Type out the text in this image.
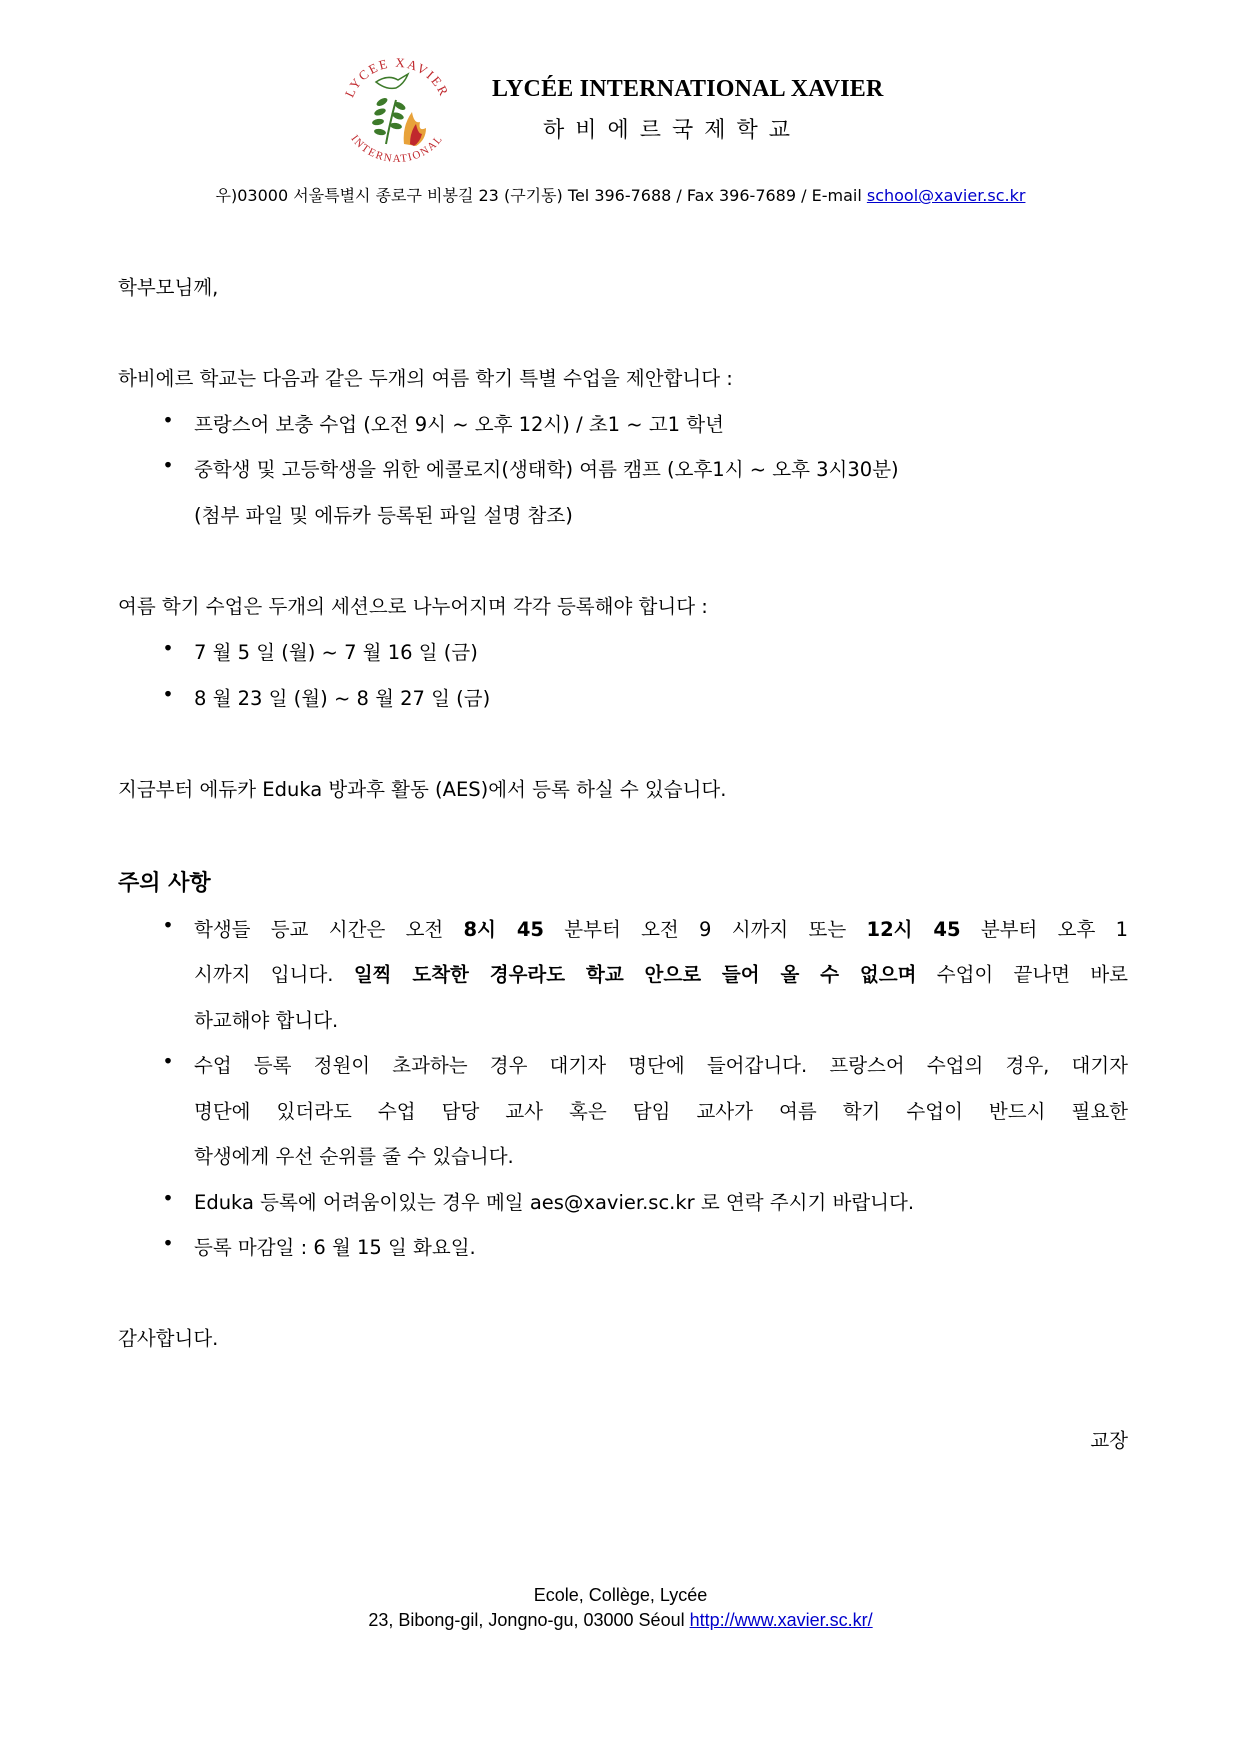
LYCEE XAVIER
INTERNATIONAL
LYCÉE INTERNATIONAL XAVIER
하비에르국제학교
우)03000 서울특별시 종로구 비봉길 23 (구기동) Tel 396-7688 / Fax 396-7689 / E-mail school@xavier.sc.kr
학부모님께,
하비에르 학교는 다음과 같은 두개의 여름 학기 특별 수업을 제안합니다 :
• 프랑스어 보충 수업 (오전 9시 ~ 오후 12시) / 초1 ~ 고1 학년
• 중학생 및 고등학생을 위한 에콜로지(생태학) 여름 캠프 (오후1시 ~ 오후 3시30분)
(첨부 파일 및 에듀카 등록된 파일 설명 참조)
여름 학기 수업은 두개의 세션으로 나누어지며 각각 등록해야 합니다 :
• 7 월 5 일 (월) ~ 7 월 16 일 (금)
• 8 월 23 일 (월) ~ 8 월 27 일 (금)
지금부터 에듀카 Eduka 방과후 활동 (AES)에서 등록 하실 수 있습니다.
주의 사항
• 학생들 등교 시간은 오전 8시 45 분부터 오전 9 시까지 또는 12시 45 분부터 오후 1
시까지 입니다. 일찍 도착한 경우라도 학교 안으로 들어 올 수 없으며 수업이 끝나면 바로
하교해야 합니다.
• 수업 등록 정원이 초과하는 경우 대기자 명단에 들어갑니다. 프랑스어 수업의 경우, 대기자
명단에 있더라도 수업 담당 교사 혹은 담임 교사가 여름 학기 수업이 반드시 필요한
학생에게 우선 순위를 줄 수 있습니다.
• Eduka 등록에 어려움이있는 경우 메일 aes@xavier.sc.kr 로 연락 주시기 바랍니다.
• 등록 마감일 : 6 월 15 일 화요일.
감사합니다.
교장
Ecole, Collège, Lycée
23, Bibong-gil, Jongno-gu, 03000 Séoul http://www.xavier.sc.kr/
